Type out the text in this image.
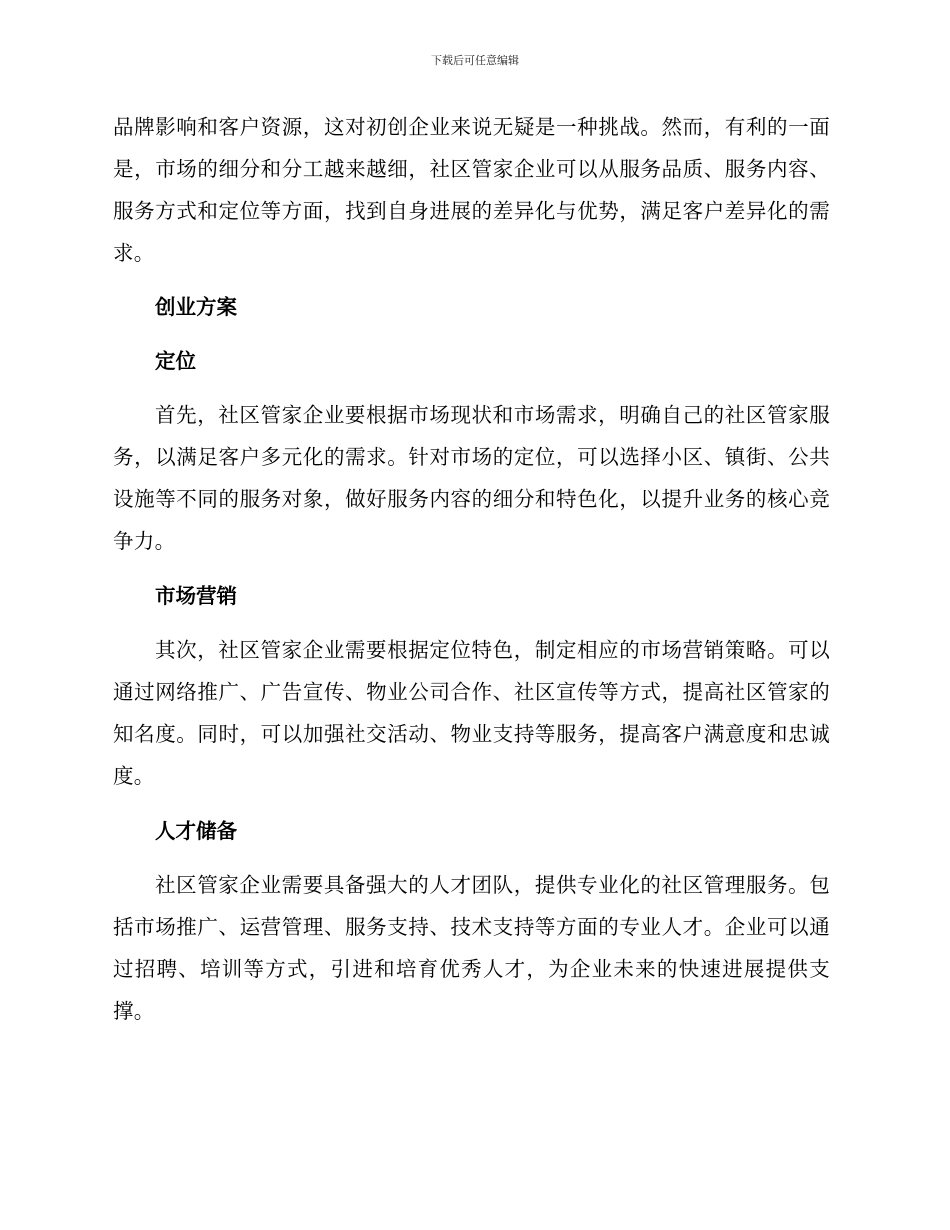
下载后可任意编辑

品牌影响和客户资源，这对初创企业来说无疑是一种挑战。然而，有利的一面是，市场的细分和分工越来越细，社区管家企业可以从服务品质、服务内容、服务方式和定位等方面，找到自身进展的差异化与优势，满足客户差异化的需求。

创业方案
定位

首先，社区管家企业要根据市场现状和市场需求，明确自己的社区管家服务，以满足客户多元化的需求。针对市场的定位，可以选择小区、镇街、公共设施等不同的服务对象，做好服务内容的细分和特色化，以提升业务的核心竞争力。

市场营销

其次，社区管家企业需要根据定位特色，制定相应的市场营销策略。可以通过网络推广、广告宣传、物业公司合作、社区宣传等方式，提高社区管家的知名度。同时，可以加强社交活动、物业支持等服务，提高客户满意度和忠诚度。

人才储备

社区管家企业需要具备强大的人才团队，提供专业化的社区管理服务。包括市场推广、运营管理、服务支持、技术支持等方面的专业人才。企业可以通过招聘、培训等方式，引进和培育优秀人才，为企业未来的快速进展提供支撑。
